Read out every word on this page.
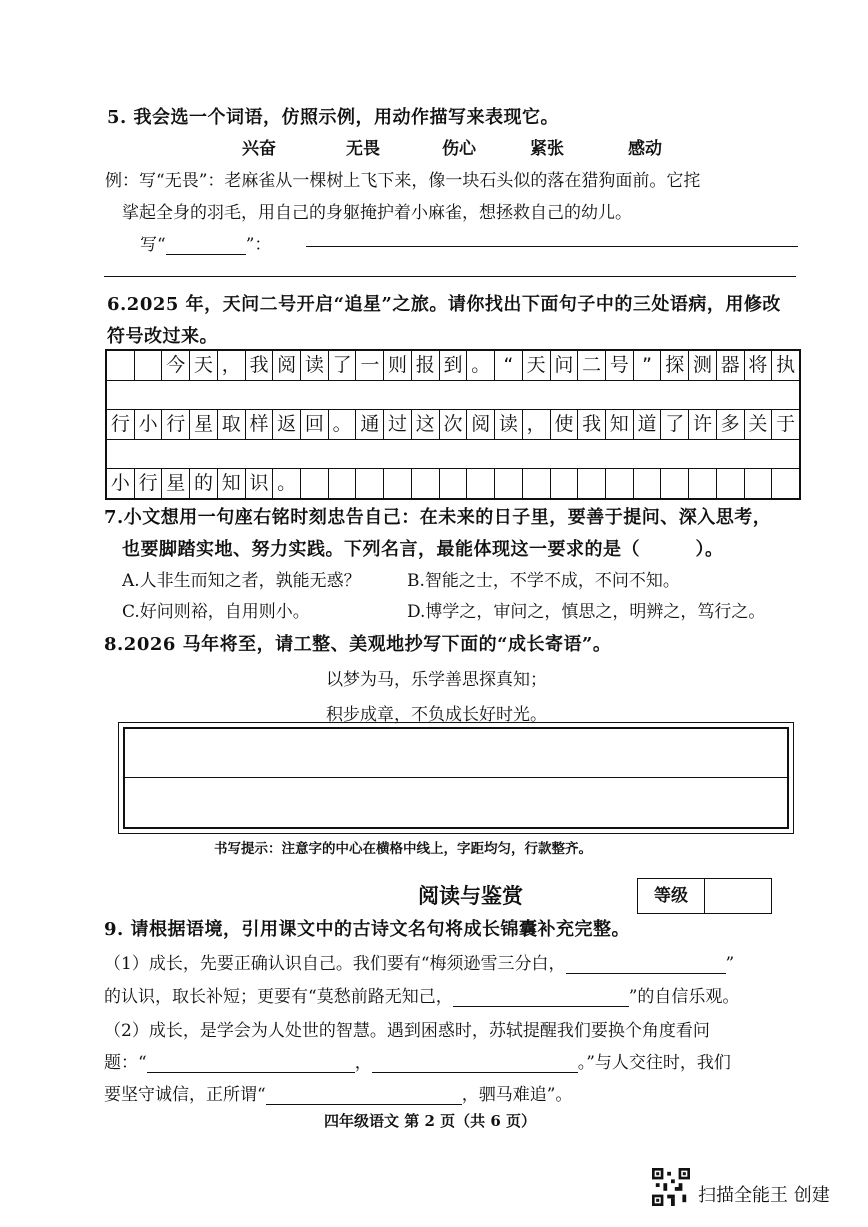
5. 我会选一个词语，仿照示例，用动作描写来表现它。
兴奋	无畏	伤心	紧张	感动
例：写“无畏”：老麻雀从一棵树上飞下来，像一块石头似的落在猎狗面前。它挓
挲起全身的羽毛，用自己的身躯掩护着小麻雀，想拯救自己的幼儿。
写“	”：
6.2025 年，天问二号开启“追星”之旅。请你找出下面句子中的三处语病，用修改
符号改过来。
今 天 ， 我 阅 读 了 一 则 报 到 。 “ 天 问 二 号 ” 探 测 器 将 执
行 小 行 星 取 样 返 回 。 通 过 这 次 阅 读 ， 使 我 知 道 了 许 多 关 于
小 行 星 的 知 识 。
7.小文想用一句座右铭时刻忠告自己：在未来的日子里，要善于提问、深入思考，
也要脚踏实地、努力实践。下列名言，最能体现这一要求的是（　　　）。
A.人非生而知之者，孰能无惑？	B.智能之士，不学不成，不问不知。
C.好问则裕，自用则小。	D.博学之，审问之，慎思之，明辨之，笃行之。
8.2026 马年将至，请工整、美观地抄写下面的“成长寄语”。
以梦为马，乐学善思探真知；
积步成章，不负成长好时光。
书写提示：注意字的中心在横格中线上，字距均匀，行款整齐。
阅读与鉴赏	等级
9. 请根据语境，引用课文中的古诗文名句将成长锦囊补充完整。
（1）成长，先要正确认识自己。我们要有“梅须逊雪三分白，	”
的认识，取长补短；更要有“莫愁前路无知己，	”的自信乐观。
（2）成长，是学会为人处世的智慧。遇到困惑时，苏轼提醒我们要换个角度看问
题：“	，	。”与人交往时，我们
要坚守诚信，正所谓“	，驷马难追”。
四年级语文 第 2 页（共 6 页）
扫描全能王 创建
